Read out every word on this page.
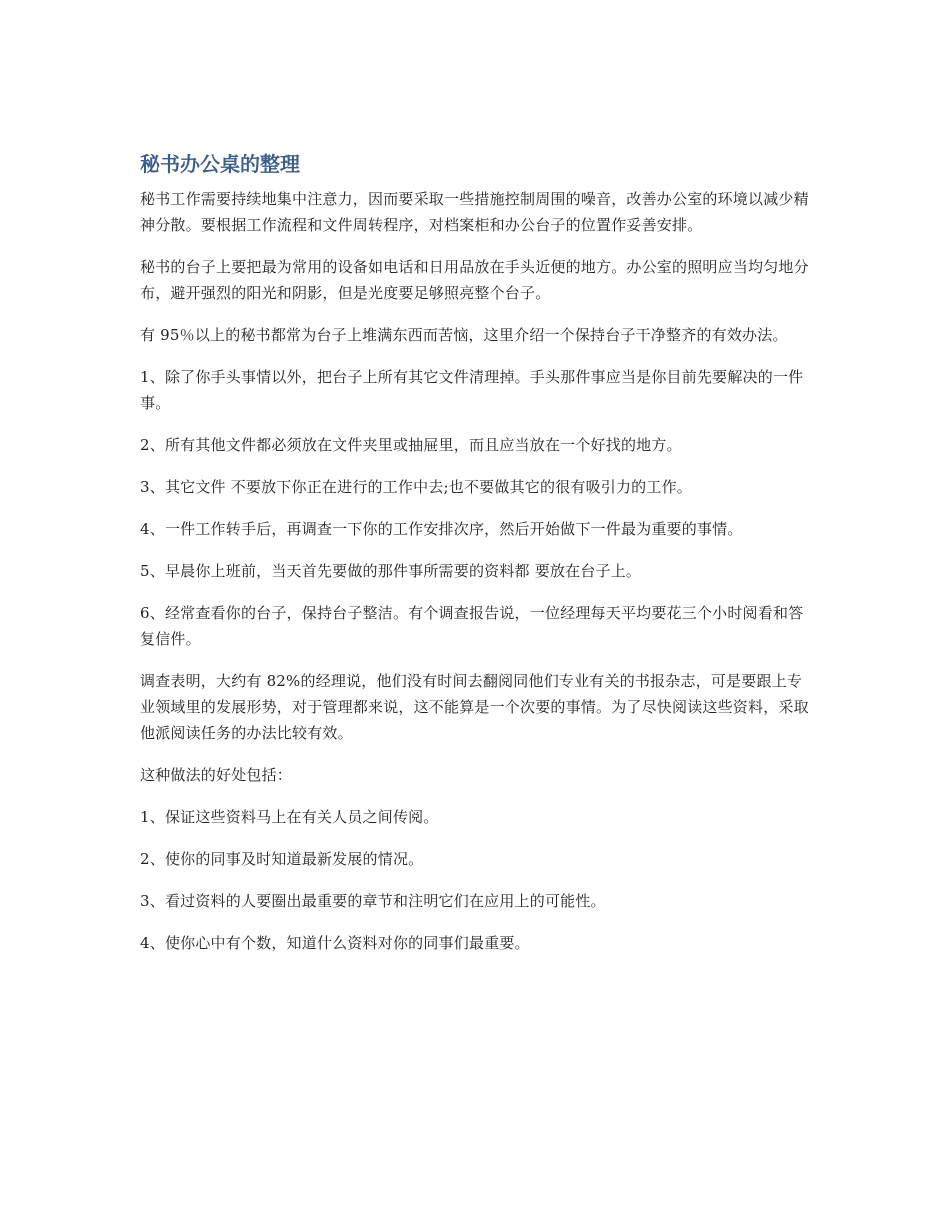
秘书办公桌的整理

秘书工作需要持续地集中注意力，因而要采取一些措施控制周围的噪音，改善办公室的环境以减少精神分散。要根据工作流程和文件周转程序，对档案柜和办公台子的位置作妥善安排。

秘书的台子上要把最为常用的设备如电话和日用品放在手头近便的地方。办公室的照明应当均匀地分布，避开强烈的阳光和阴影，但是光度要足够照亮整个台子。

有 95％以上的秘书都常为台子上堆满东西而苦恼，这里介绍一个保持台子干净整齐的有效办法。

1、除了你手头事情以外，把台子上所有其它文件清理掉。手头那件事应当是你目前先要解决的一件事。

2、所有其他文件都必须放在文件夹里或抽屉里，而且应当放在一个好找的地方。

3、其它文件 不要放下你正在进行的工作中去;也不要做其它的很有吸引力的工作。

4、一件工作转手后，再调查一下你的工作安排次序，然后开始做下一件最为重要的事情。

5、早晨你上班前，当天首先要做的那件事所需要的资料都 要放在台子上。

6、经常查看你的台子，保持台子整洁。有个调查报告说，一位经理每天平均要花三个小时阅看和答复信件。

调查表明，大约有 82%的经理说，他们没有时间去翻阅同他们专业有关的书报杂志，可是要跟上专业领域里的发展形势，对于管理都来说，这不能算是一个次要的事情。为了尽快阅读这些资料，采取他派阅读任务的办法比较有效。

这种做法的好处包括：

1、保证这些资料马上在有关人员之间传阅。

2、使你的同事及时知道最新发展的情况。

3、看过资料的人要圈出最重要的章节和注明它们在应用上的可能性。

4、使你心中有个数，知道什么资料对你的同事们最重要。
